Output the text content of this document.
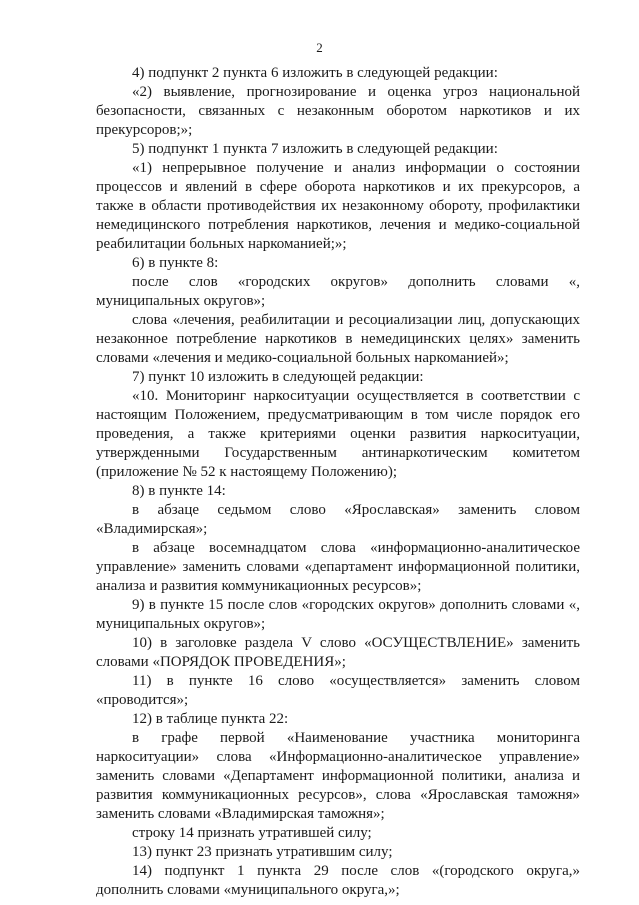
2

4) подпункт 2 пункта 6 изложить в следующей редакции:

«2) выявление, прогнозирование и оценка угроз национальной безопасности, связанных с незаконным оборотом наркотиков и их прекурсоров;»;

5) подпункт 1 пункта 7 изложить в следующей редакции:

«1) непрерывное получение и анализ информации о состоянии процессов и явлений в сфере оборота наркотиков и их прекурсоров, а также в области противодействия их незаконному обороту, профилактики немедицинского потребления наркотиков, лечения и медико-социальной реабилитации больных наркоманией;»;

6) в пункте 8:

после слов «городских округов» дополнить словами «, муниципальных округов»;

слова «лечения, реабилитации и ресоциализации лиц, допускающих незаконное потребление наркотиков в немедицинских целях» заменить словами «лечения и медико-социальной больных наркоманией»;

7) пункт 10 изложить в следующей редакции:

«10. Мониторинг наркоситуации осуществляется в соответствии с настоящим Положением, предусматривающим в том числе порядок его проведения, а также критериями оценки развития наркоситуации, утвержденными Государственным антинаркотическим комитетом (приложение № 52 к настоящему Положению);

8) в пункте 14:

в абзаце седьмом слово «Ярославская» заменить словом «Владимирская»;

в абзаце восемнадцатом слова «информационно-аналитическое управление» заменить словами «департамент информационной политики, анализа и развития коммуникационных ресурсов»;

9) в пункте 15 после слов «городских округов» дополнить словами «, муниципальных округов»;

10) в заголовке раздела V слово «ОСУЩЕСТВЛЕНИЕ» заменить словами «ПОРЯДОК ПРОВЕДЕНИЯ»;

11) в пункте 16 слово «осуществляется» заменить словом «проводится»;

12) в таблице пункта 22:

в графе первой «Наименование участника мониторинга наркоситуации» слова «Информационно-аналитическое управление» заменить словами «Департамент информационной политики, анализа и развития коммуникационных ресурсов», слова «Ярославская таможня» заменить словами «Владимирская таможня»;

строку 14 признать утратившей силу;

13) пункт 23 признать утратившим силу;

14) подпункт 1 пункта 29 после слов «(городского округа,» дополнить словами «муниципального округа,»;
